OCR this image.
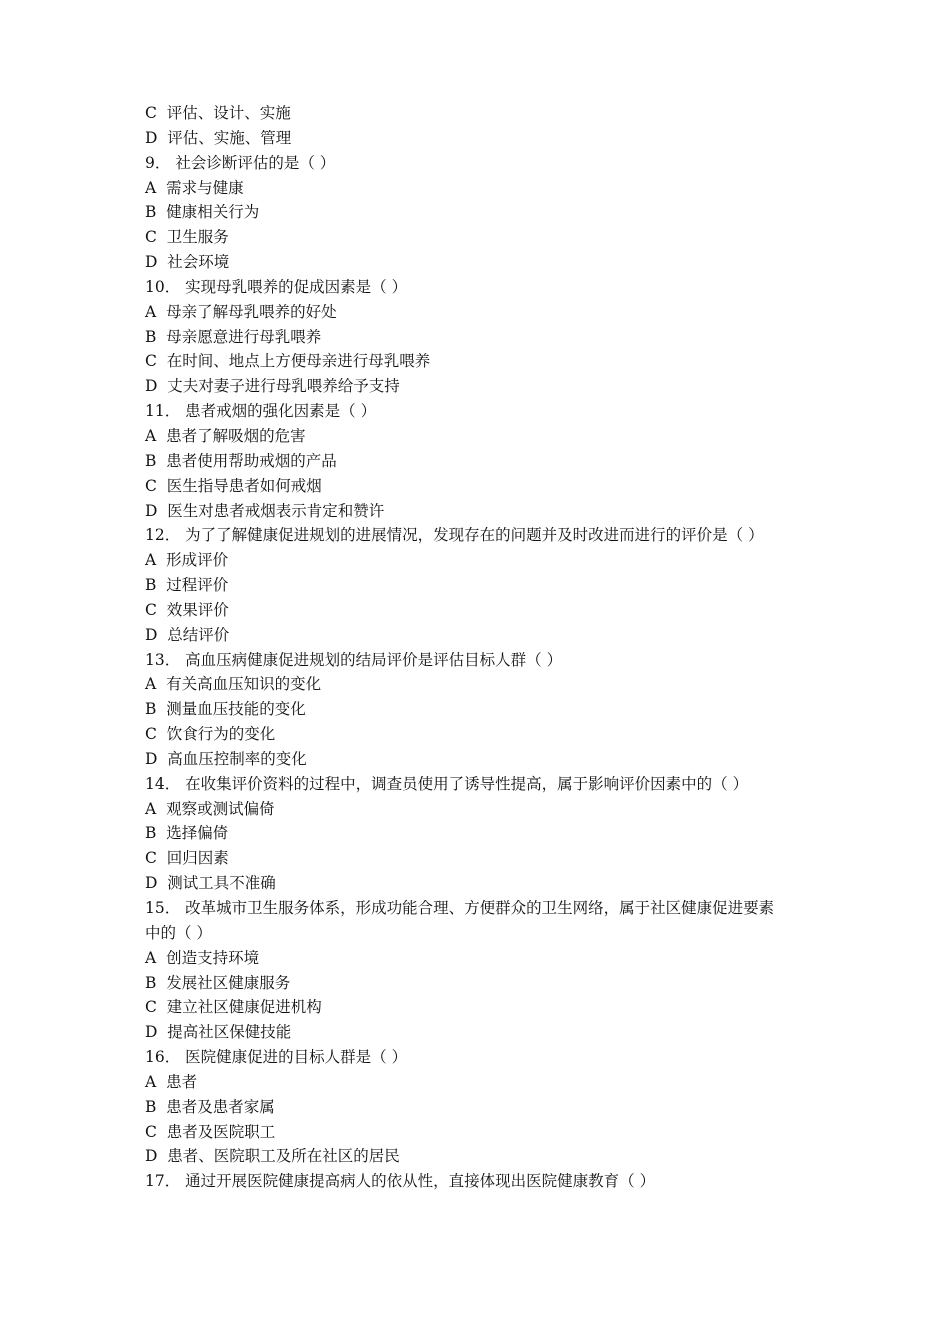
C 评估、设计、实施
D 评估、实施、管理
9． 社会诊断评估的是（ ）
A 需求与健康
B 健康相关行为
C 卫生服务
D 社会环境
10． 实现母乳喂养的促成因素是（ ）
A 母亲了解母乳喂养的好处
B 母亲愿意进行母乳喂养
C 在时间、地点上方便母亲进行母乳喂养
D 丈夫对妻子进行母乳喂养给予支持
11． 患者戒烟的强化因素是（ ）
A 患者了解吸烟的危害
B 患者使用帮助戒烟的产品
C 医生指导患者如何戒烟
D 医生对患者戒烟表示肯定和赞许
12． 为了了解健康促进规划的进展情况，发现存在的问题并及时改进而进行的评价是（ ）
A 形成评价
B 过程评价
C 效果评价
D 总结评价
13． 高血压病健康促进规划的结局评价是评估目标人群（ ）
A 有关高血压知识的变化
B 测量血压技能的变化
C 饮食行为的变化
D 高血压控制率的变化
14． 在收集评价资料的过程中，调查员使用了诱导性提高，属于影响评价因素中的（ ）
A 观察或测试偏倚
B 选择偏倚
C 回归因素
D 测试工具不准确
15． 改革城市卫生服务体系，形成功能合理、方便群众的卫生网络，属于社区健康促进要素
中的（ ）
A 创造支持环境
B 发展社区健康服务
C 建立社区健康促进机构
D 提高社区保健技能
16． 医院健康促进的目标人群是（ ）
A 患者
B 患者及患者家属
C 患者及医院职工
D 患者、医院职工及所在社区的居民
17． 通过开展医院健康提高病人的依从性，直接体现出医院健康教育（ ）
